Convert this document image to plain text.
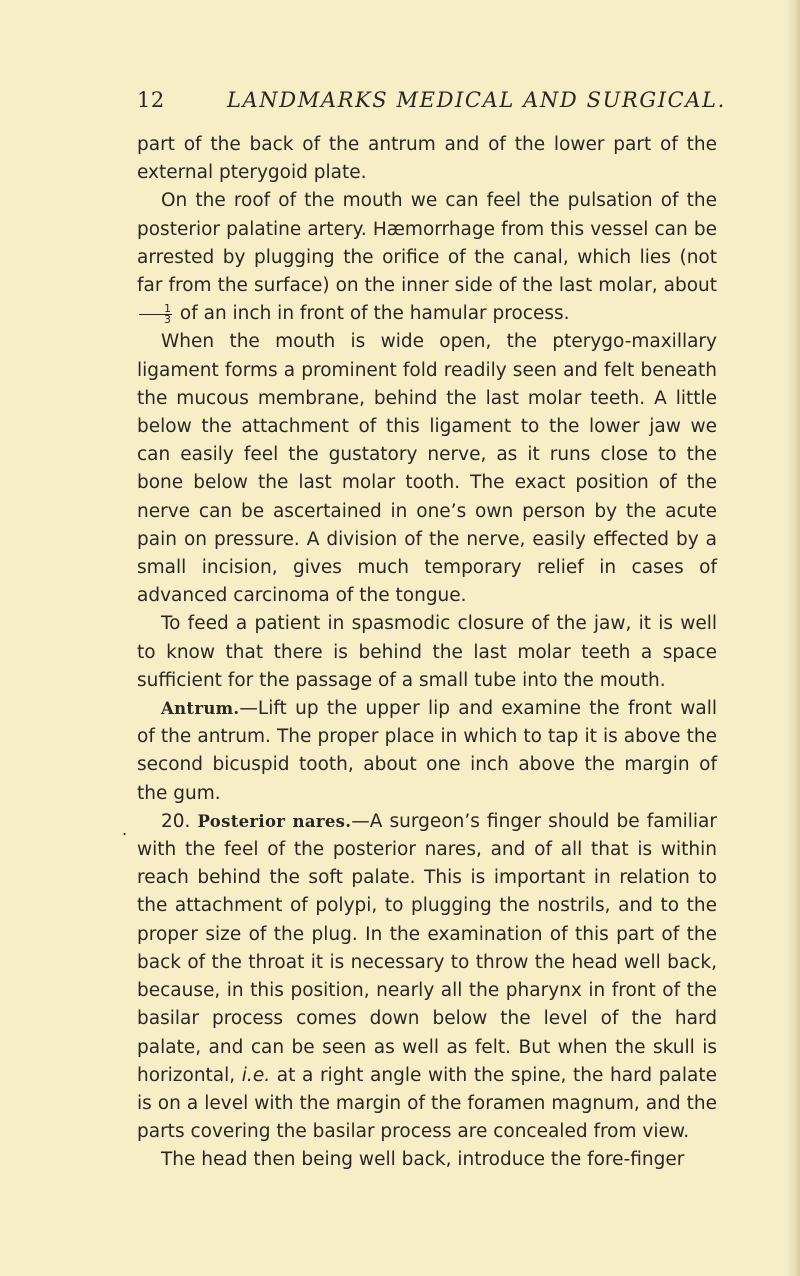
12	LANDMARKS MEDICAL AND SURGICAL.
.

part of the back of the antrum and of the lower part of the external pterygoid plate.

On the roof of the mouth we can feel the pulsation of the posterior palatine artery. Hæmorrhage from this vessel can be arrested by plugging the orifice of the canal, which lies (not far from the surface) on the inner side of the last molar, about
$\frac{1}{3}$ of an inch in front of the hamular process.

When the mouth is wide open, the pterygo-maxillary ligament forms a prominent fold readily seen and felt beneath the mucous membrane, behind the last molar teeth. A little below the attachment of this ligament to the lower jaw we can easily feel the gustatory nerve, as it runs close to the bone below the last molar tooth. The exact position of the nerve can be ascertained in one’s own person by the acute pain on pressure. A division of the nerve, easily effected by a small incision, gives much temporary relief in cases of advanced carcinoma of the tongue.

To feed a patient in spasmodic closure of the jaw, it is well to know that there is behind the last molar teeth a space sufficient for the passage of a small tube into the mouth.

Antrum.—Lift up the upper lip and examine the front wall of the antrum. The proper place in which to tap it is above the second bicuspid tooth, about one inch above the margin of the gum.

20. Posterior nares.—A surgeon’s finger should be familiar with the feel of the posterior nares, and of all that is within reach behind the soft palate. This is important in relation to the attachment of polypi, to plugging the nostrils, and to the proper size of the plug. In the examination of this part of the back of the throat it is necessary to throw the head well back, because, in this position, nearly all the pharynx in front of the basilar process comes down below the level of the hard palate, and can be seen as well as felt. But when the skull is horizontal, i.e. at a right angle with the spine, the hard palate is on a level with the margin of the foramen magnum, and the parts covering the basilar process are concealed from view.

The head then being well back, introduce the fore-finger
